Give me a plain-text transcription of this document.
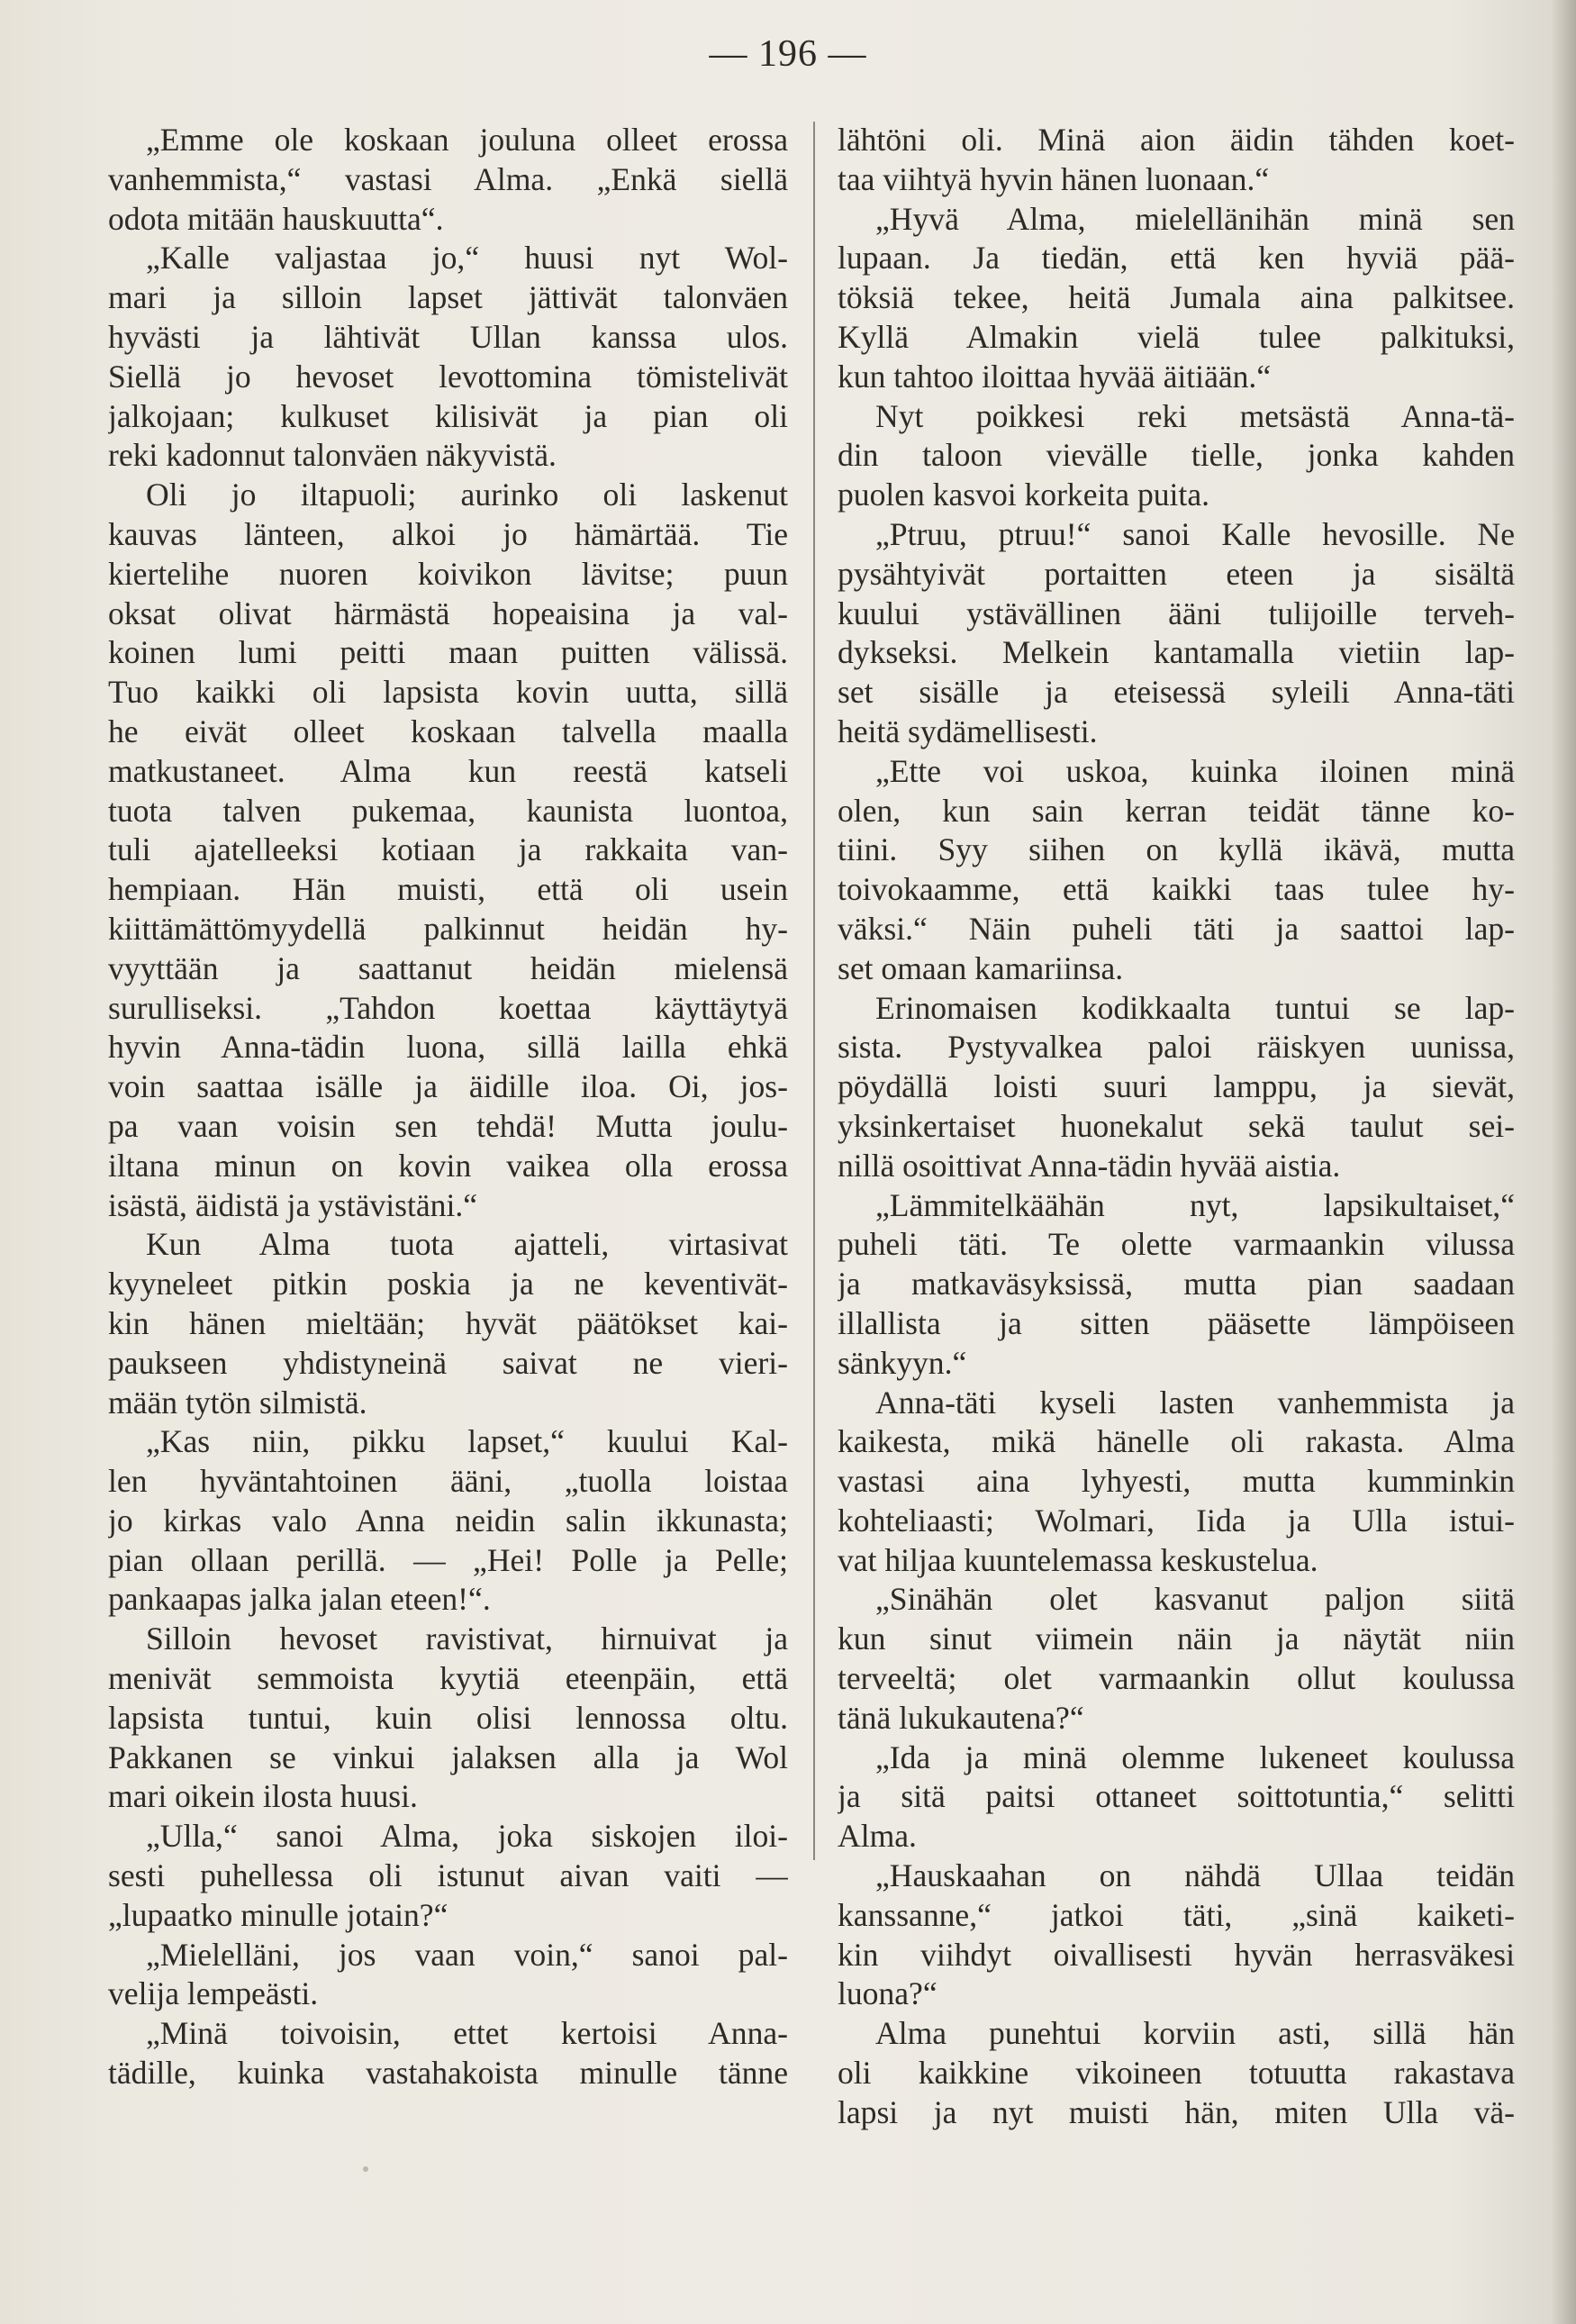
— 196 —
„Emme ole koskaan jouluna olleet erossa
vanhemmista,“ vastasi Alma. „Enkä siellä
odota mitään hauskuutta“.
„Kalle valjastaa jo,“ huusi nyt Wol-
mari ja silloin lapset jättivät talonväen
hyvästi ja lähtivät Ullan kanssa ulos.
Siellä jo hevoset levottomina tömistelivät
jalkojaan; kulkuset kilisivät ja pian oli
reki kadonnut talonväen näkyvistä.
Oli jo iltapuoli; aurinko oli laskenut
kauvas länteen, alkoi jo hämärtää. Tie
kiertelihe nuoren koivikon lävitse; puun
oksat olivat härmästä hopeaisina ja val-
koinen lumi peitti maan puitten välissä.
Tuo kaikki oli lapsista kovin uutta, sillä
he eivät olleet koskaan talvella maalla
matkustaneet. Alma kun reestä katseli
tuota talven pukemaa, kaunista luontoa,
tuli ajatelleeksi kotiaan ja rakkaita van-
hempiaan. Hän muisti, että oli usein
kiittämättömyydellä palkinnut heidän hy-
vyyttään ja saattanut heidän mielensä
surulliseksi. „Tahdon koettaa käyttäytyä
hyvin Anna-tädin luona, sillä lailla ehkä
voin saattaa isälle ja äidille iloa. Oi, jos-
pa vaan voisin sen tehdä! Mutta joulu-
iltana minun on kovin vaikea olla erossa
isästä, äidistä ja ystävistäni.“
Kun Alma tuota ajatteli, virtasivat
kyyneleet pitkin poskia ja ne keventivät-
kin hänen mieltään; hyvät päätökset kai-
paukseen yhdistyneinä saivat ne vieri-
mään tytön silmistä.
„Kas niin, pikku lapset,“ kuului Kal-
len hyväntahtoinen ääni, „tuolla loistaa
jo kirkas valo Anna neidin salin ikkunasta;
pian ollaan perillä. — „Hei! Polle ja Pelle;
pankaapas jalka jalan eteen!“.
Silloin hevoset ravistivat, hirnuivat ja
menivät semmoista kyytiä eteenpäin, että
lapsista tuntui, kuin olisi lennossa oltu.
Pakkanen se vinkui jalaksen alla ja Wol
mari oikein ilosta huusi.
„Ulla,“ sanoi Alma, joka siskojen iloi-
sesti puhellessa oli istunut aivan vaiti —
„lupaatko minulle jotain?“
„Mielelläni, jos vaan voin,“ sanoi pal-
velija lempeästi.
„Minä toivoisin, ettet kertoisi Anna-
tädille, kuinka vastahakoista minulle tänne
lähtöni oli. Minä aion äidin tähden koet-
taa viihtyä hyvin hänen luonaan.“
„Hyvä Alma, mielellänihän minä sen
lupaan. Ja tiedän, että ken hyviä pää-
töksiä tekee, heitä Jumala aina palkitsee.
Kyllä Almakin vielä tulee palkituksi,
kun tahtoo iloittaa hyvää äitiään.“
Nyt poikkesi reki metsästä Anna-tä-
din taloon vievälle tielle, jonka kahden
puolen kasvoi korkeita puita.
„Ptruu, ptruu!“ sanoi Kalle hevosille. Ne
pysähtyivät portaitten eteen ja sisältä
kuului ystävällinen ääni tulijoille terveh-
dykseksi. Melkein kantamalla vietiin lap-
set sisälle ja eteisessä syleili Anna-täti
heitä sydämellisesti.
„Ette voi uskoa, kuinka iloinen minä
olen, kun sain kerran teidät tänne ko-
tiini. Syy siihen on kyllä ikävä, mutta
toivokaamme, että kaikki taas tulee hy-
väksi.“ Näin puheli täti ja saattoi lap-
set omaan kamariinsa.
Erinomaisen kodikkaalta tuntui se lap-
sista. Pystyvalkea paloi räiskyen uunissa,
pöydällä loisti suuri lamppu, ja sievät,
yksinkertaiset huonekalut sekä taulut sei-
nillä osoittivat Anna-tädin hyvää aistia.
„Lämmitelkäähän nyt, lapsikultaiset,“
puheli täti. Te olette varmaankin vilussa
ja matkaväsyksissä, mutta pian saadaan
illallista ja sitten pääsette lämpöiseen
sänkyyn.“
Anna-täti kyseli lasten vanhemmista ja
kaikesta, mikä hänelle oli rakasta. Alma
vastasi aina lyhyesti, mutta kumminkin
kohteliaasti; Wolmari, Iida ja Ulla istui-
vat hiljaa kuuntelemassa keskustelua.
„Sinähän olet kasvanut paljon siitä
kun sinut viimein näin ja näytät niin
terveeltä; olet varmaankin ollut koulussa
tänä lukukautena?“
„Ida ja minä olemme lukeneet koulussa
ja sitä paitsi ottaneet soittotuntia,“ selitti
Alma.
„Hauskaahan on nähdä Ullaa teidän
kanssanne,“ jatkoi täti, „sinä kaiketi-
kin viihdyt oivallisesti hyvän herrasväkesi
luona?“
Alma punehtui korviin asti, sillä hän
oli kaikkine vikoineen totuutta rakastava
lapsi ja nyt muisti hän, miten Ulla vä-
